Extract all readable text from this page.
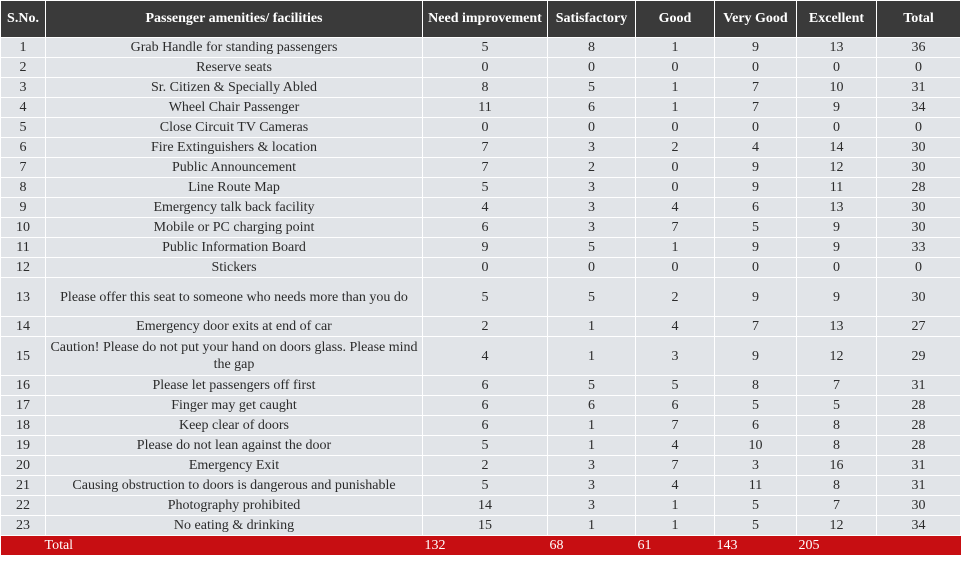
S.No.	Passenger amenities/ facilities	Need improvement	Satisfactory	Good	Very Good	Excellent	Total
1	Grab Handle for standing passengers	5	8	1	9	13	36
2	Reserve seats	0	0	0	0	0	0
3	Sr. Citizen & Specially Abled	8	5	1	7	10	31
4	Wheel Chair Passenger	11	6	1	7	9	34
5	Close Circuit TV Cameras	0	0	0	0	0	0
6	Fire Extinguishers & location	7	3	2	4	14	30
7	Public Announcement	7	2	0	9	12	30
8	Line Route Map	5	3	0	9	11	28
9	Emergency talk back facility	4	3	4	6	13	30
10	Mobile or PC charging point	6	3	7	5	9	30
11	Public Information Board	9	5	1	9	9	33
12	Stickers	0	0	0	0	0	0
13	Please offer this seat to someone who needs more than you do	5	5	2	9	9	30
14	Emergency door exits at end of car	2	1	4	7	13	27
15	Caution! Please do not put your hand on doors glass. Please mind the gap	4	1	3	9	12	29
16	Please let passengers off first	6	5	5	8	7	31
17	Finger may get caught	6	6	6	5	5	28
18	Keep clear of doors	6	1	7	6	8	28
19	Please do not lean against the door	5	1	4	10	8	28
20	Emergency Exit	2	3	7	3	16	31
21	Causing obstruction to doors is dangerous and punishable	5	3	4	11	8	31
22	Photography prohibited	14	3	1	5	7	30
23	No eating & drinking	15	1	1	5	12	34
Total		132	68	61	143	205	
